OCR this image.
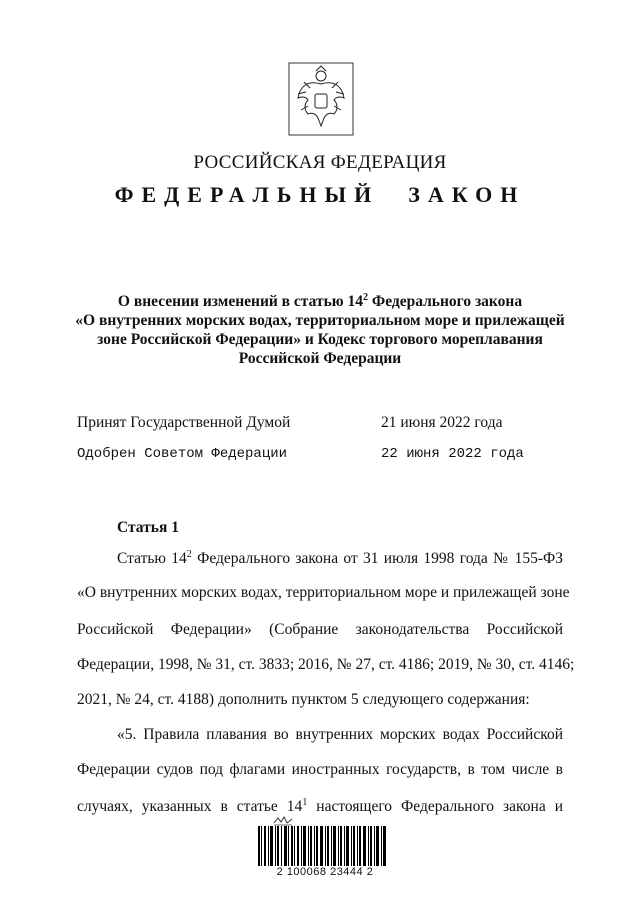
РОССИЙСКАЯ ФЕДЕРАЦИЯ
ФЕДЕРАЛЬНЫЙ ЗАКОН
О внесении изменений в статью $14^2$ Федерального закона
«О внутренних морских водах, территориальном море и прилежащей
зоне Российской Федерации» и Кодекс торгового мореплавания
Российской Федерации
Принят Государственной Думой	21 июня 2022 года
Одобрен Советом Федерации	22 июня 2022 года
Статья 1
Статью $14^2$ Федерального закона от 31 июля 1998 года № 155-ФЗ
«О внутренних морских водах, территориальном море и прилежащей зоне
Российской Федерации» (Собрание законодательства Российской
Федерации, 1998, № 31, ст. 3833; 2016, № 27, ст. 4186; 2019, № 30, ст. 4146;
2021, № 24, ст. 4188) дополнить пунктом 5 следующего содержания:
«5. Правила плавания во внутренних морских водах Российской
Федерации судов под флагами иностранных государств, в том числе в
случаях, указанных в статье $14^1$ настоящего Федерального закона и
2 100068 23444 2
